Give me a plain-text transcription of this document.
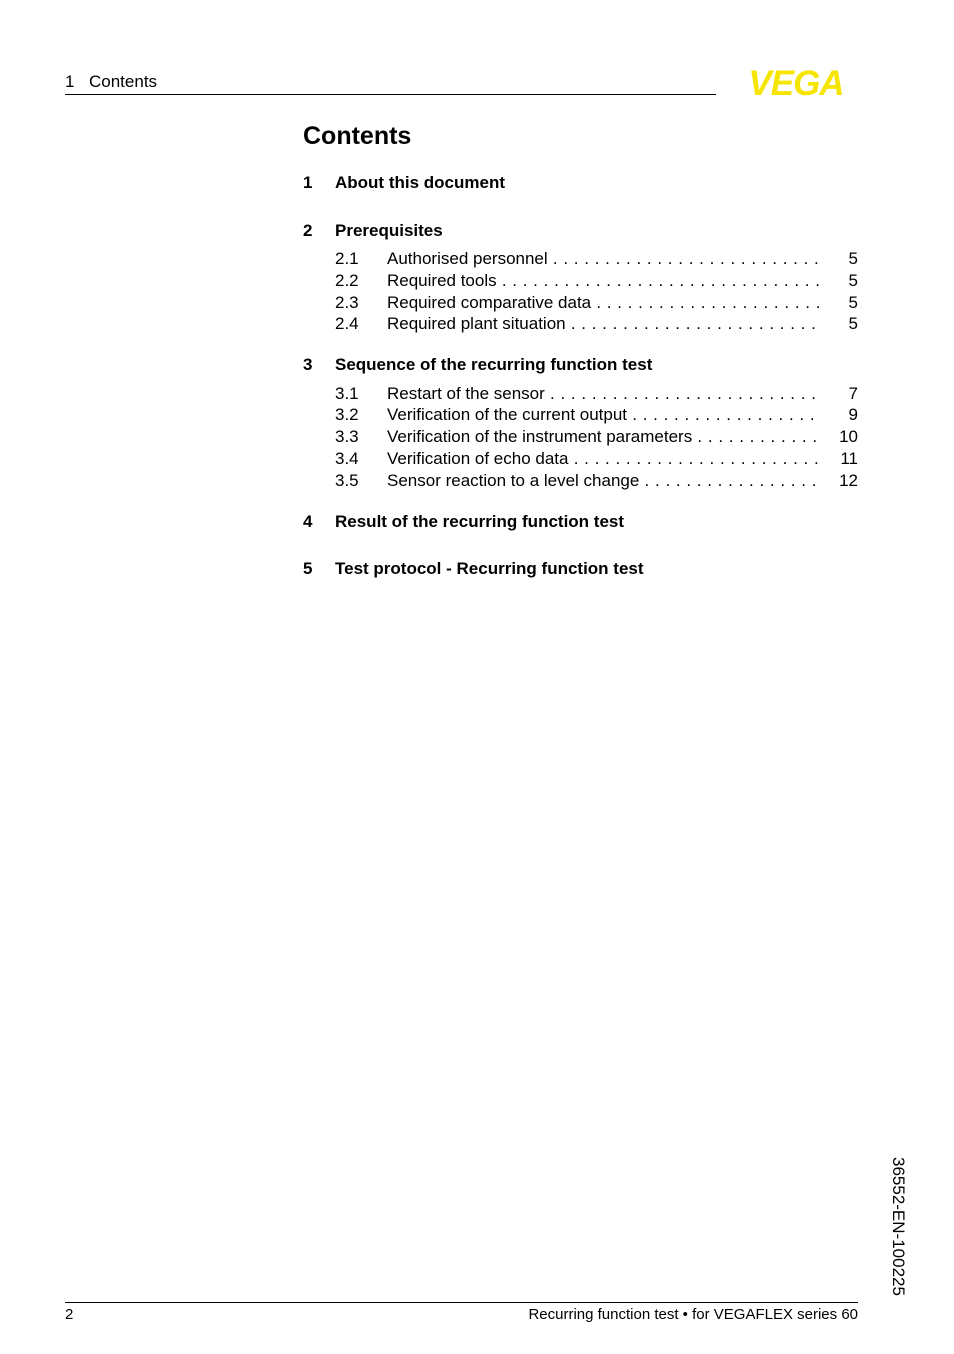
1 Contents	VEGA
Contents
1 About this document
2 Prerequisites
2.1 Authorised personnel . . .	5
2.2 Required tools . . .	5
2.3 Required comparative data . . .	5
2.4 Required plant situation . . .	5
3 Sequence of the recurring function test
3.1 Restart of the sensor . . .	7
3.2 Verification of the current output . . .	9
3.3 Verification of the instrument parameters . . .	10
3.4 Verification of echo data . . .	11
3.5 Sensor reaction to a level change . . .	12
4 Result of the recurring function test
5 Test protocol - Recurring function test
36552-EN-100225
2	Recurring function test • for VEGAFLEX series 60
